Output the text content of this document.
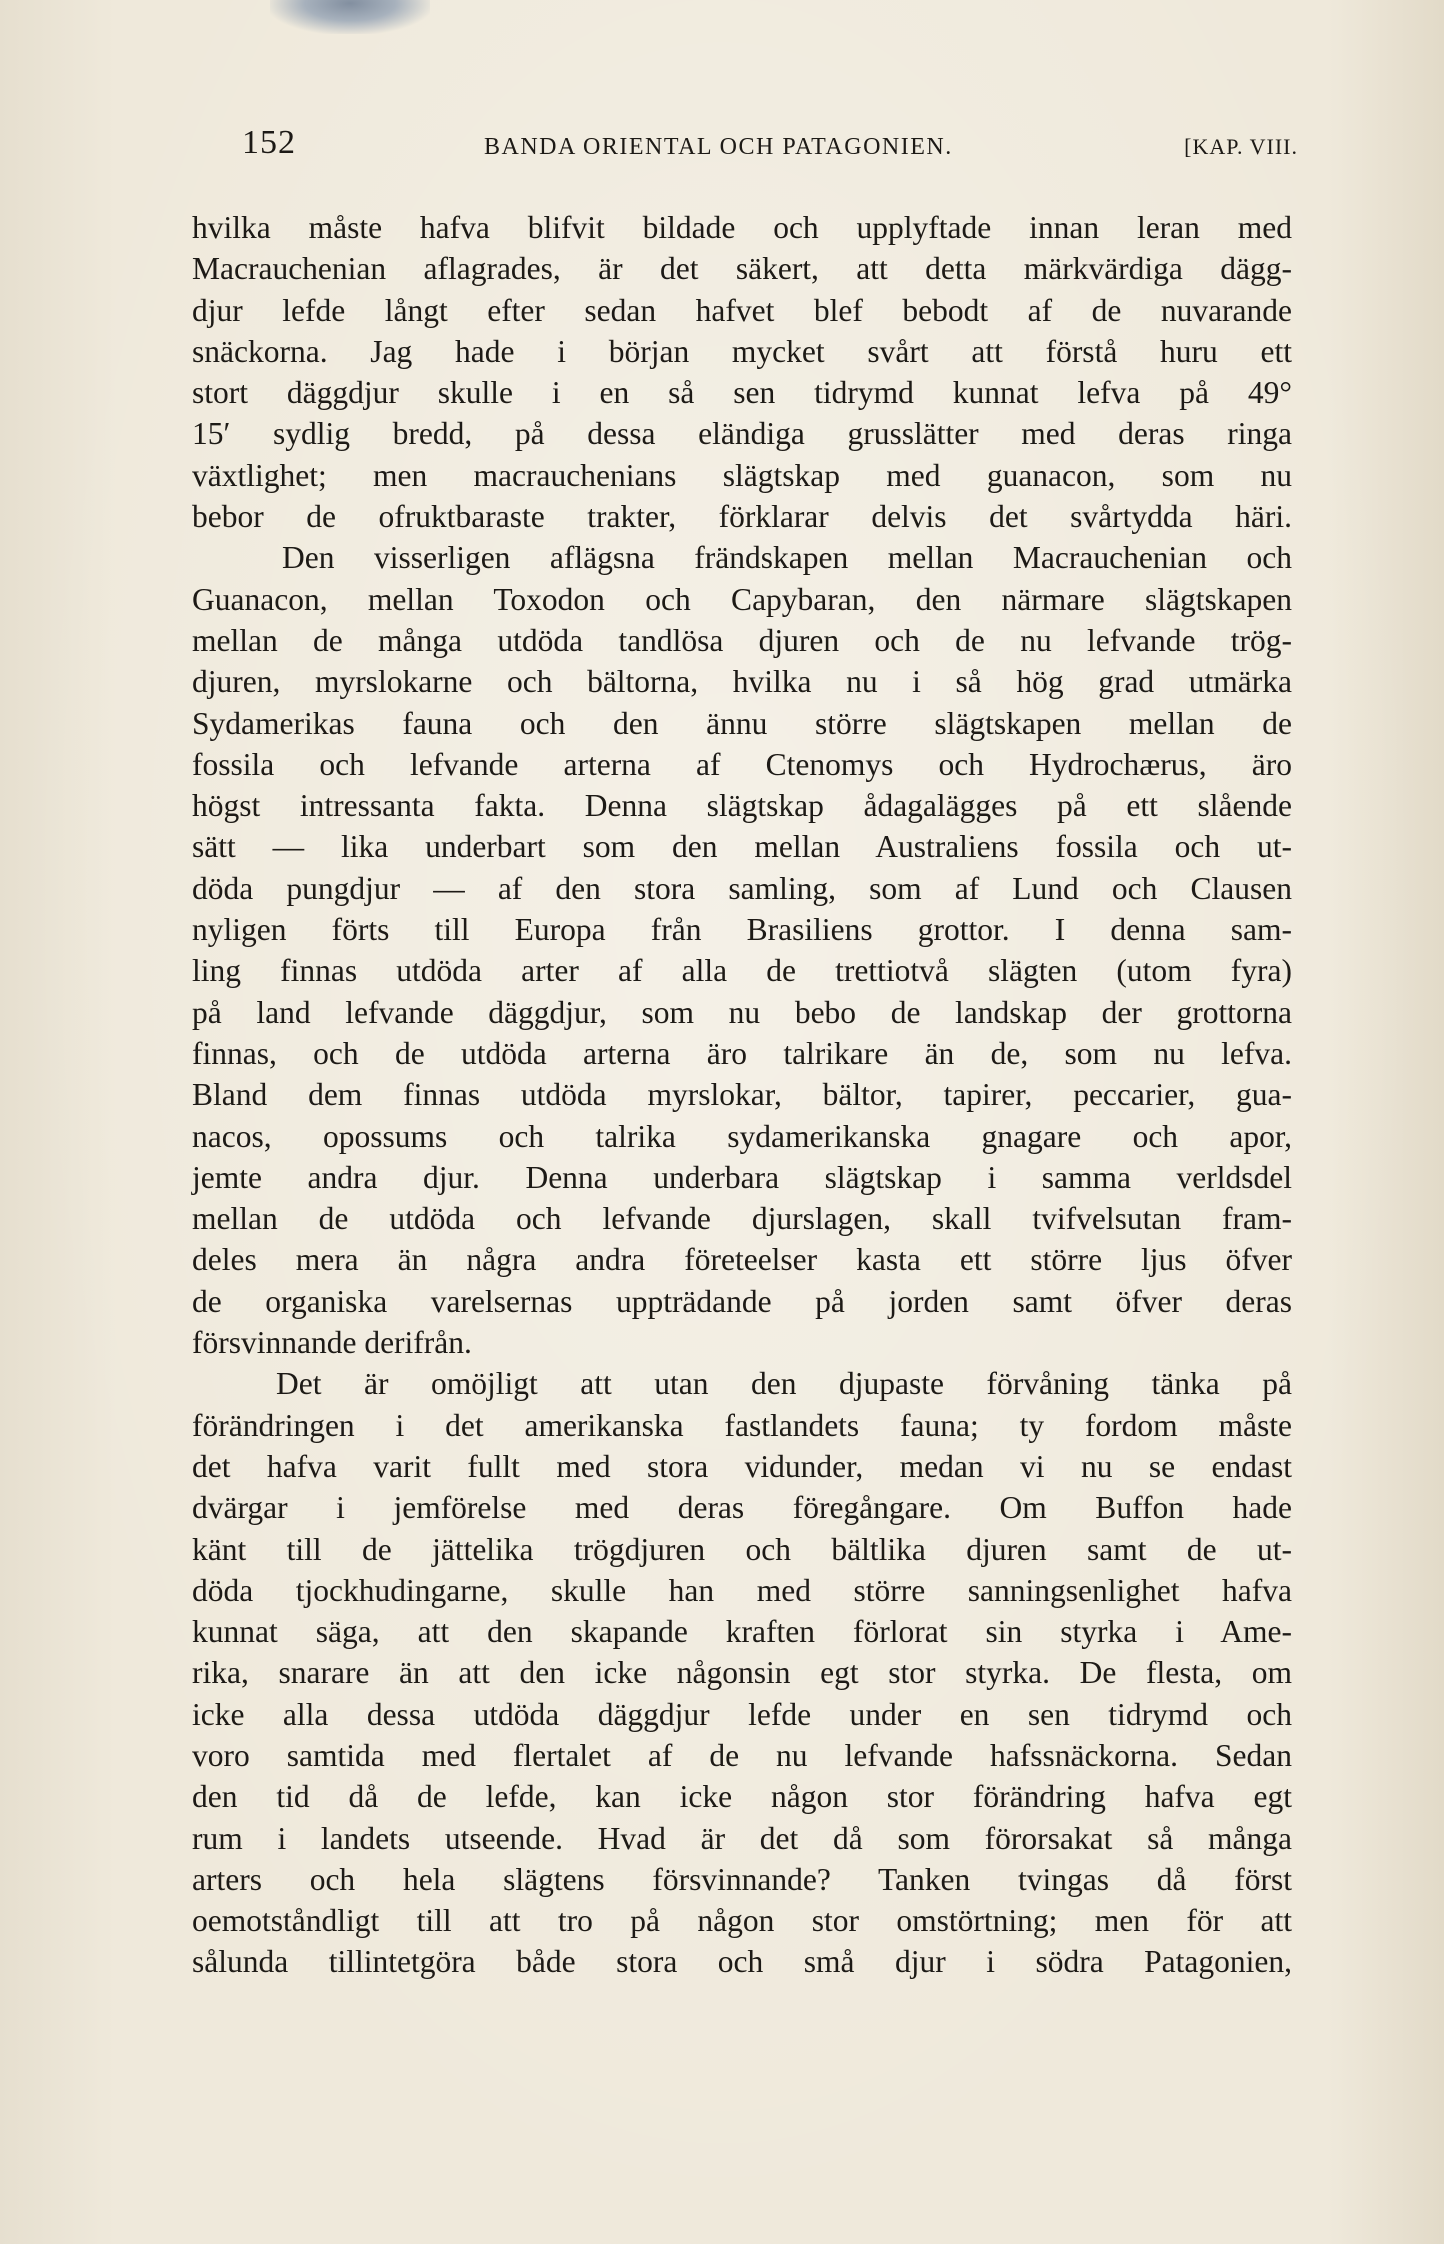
152	BANDA ORIENTAL OCH PATAGONIEN.	[KAP. VIII.
hvilka måste hafva blifvit bildade och upplyftade innan leran med
Macrauchenian aflagrades, är det säkert, att detta märkvärdiga dägg-
djur lefde långt efter sedan hafvet blef bebodt af de nuvarande
snäckorna. Jag hade i början mycket svårt att förstå huru ett
stort däggdjur skulle i en så sen tidrymd kunnat lefva på 49°
15′ sydlig bredd, på dessa eländiga grusslätter med deras ringa
växtlighet; men macrauchenians slägtskap med guanacon, som nu
bebor de ofruktbaraste trakter, förklarar delvis det svårtydda häri.
Den visserligen aflägsna frändskapen mellan Macrauchenian och
Guanacon, mellan Toxodon och Capybaran, den närmare slägtskapen
mellan de många utdöda tandlösa djuren och de nu lefvande trög-
djuren, myrslokarne och bältorna, hvilka nu i så hög grad utmärka
Sydamerikas fauna och den ännu större slägtskapen mellan de
fossila och lefvande arterna af Ctenomys och Hydrochærus, äro
högst intressanta fakta. Denna slägtskap ådagalägges på ett slående
sätt — lika underbart som den mellan Australiens fossila och ut-
döda pungdjur — af den stora samling, som af Lund och Clausen
nyligen förts till Europa från Brasiliens grottor. I denna sam-
ling finnas utdöda arter af alla de trettiotvå slägten (utom fyra)
på land lefvande däggdjur, som nu bebo de landskap der grottorna
finnas, och de utdöda arterna äro talrikare än de, som nu lefva.
Bland dem finnas utdöda myrslokar, bältor, tapirer, peccarier, gua-
nacos, opossums och talrika sydamerikanska gnagare och apor,
jemte andra djur. Denna underbara slägtskap i samma verldsdel
mellan de utdöda och lefvande djurslagen, skall tvifvelsutan fram-
deles mera än några andra företeelser kasta ett större ljus öfver
de organiska varelsernas uppträdande på jorden samt öfver deras
försvinnande derifrån.
Det är omöjligt att utan den djupaste förvåning tänka på
förändringen i det amerikanska fastlandets fauna; ty fordom måste
det hafva varit fullt med stora vidunder, medan vi nu se endast
dvärgar i jemförelse med deras föregångare. Om Buffon hade
känt till de jättelika trögdjuren och bältlika djuren samt de ut-
döda tjockhudingarne, skulle han med större sanningsenlighet hafva
kunnat säga, att den skapande kraften förlorat sin styrka i Ame-
rika, snarare än att den icke någonsin egt stor styrka. De flesta, om
icke alla dessa utdöda däggdjur lefde under en sen tidrymd och
voro samtida med flertalet af de nu lefvande hafssnäckorna. Sedan
den tid då de lefde, kan icke någon stor förändring hafva egt
rum i landets utseende. Hvad är det då som förorsakat så många
arters och hela slägtens försvinnande? Tanken tvingas då först
oemotståndligt till att tro på någon stor omstörtning; men för att
sålunda tillintetgöra både stora och små djur i södra Patagonien,
